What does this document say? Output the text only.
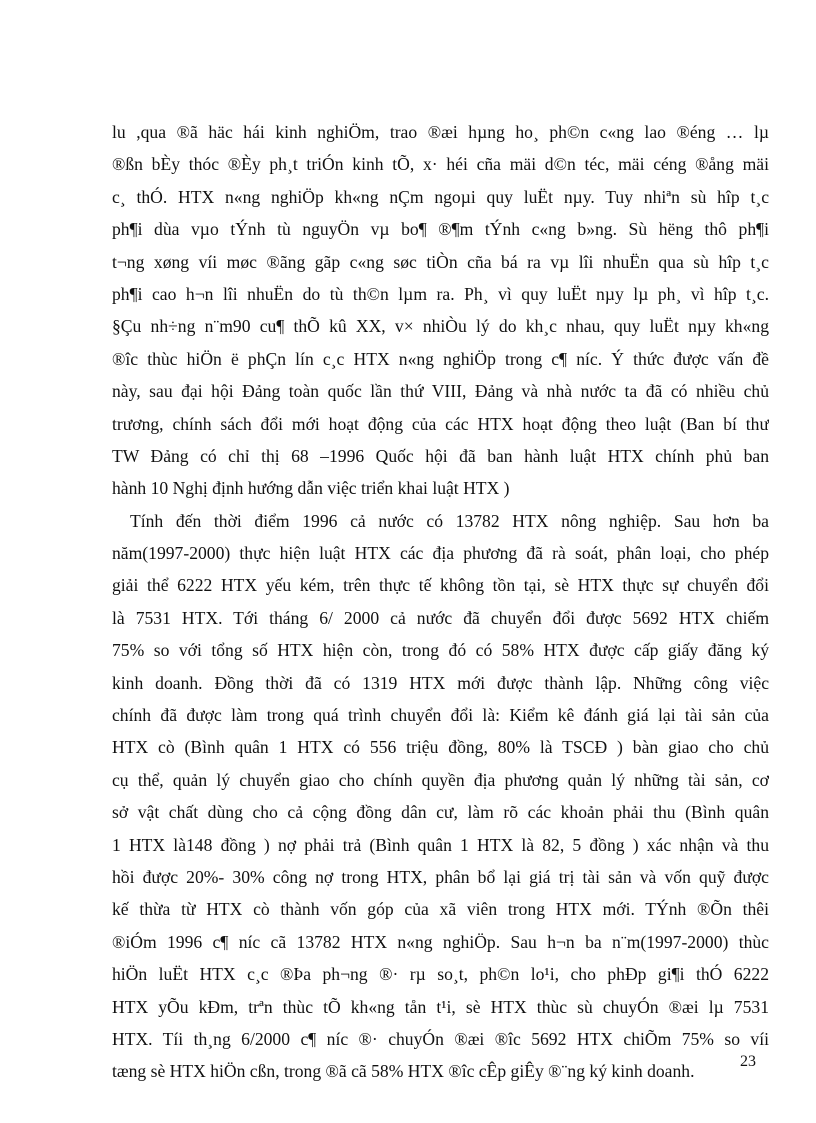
lu ,qua ®ã häc hái kinh nghiÖm, trao ®æi hµng ho¸ ph©n c«ng lao ®éng … lµ
®ßn bÈy thóc ®Èy ph¸t triÓn kinh tÕ, x· héi cña mäi d©n téc, mäi céng ®ång mäi
c¸ thÓ. HTX n«ng nghiÖp kh«ng nÇm ngoµi quy luËt nµy. Tuy nhiªn sù hîp t¸c
ph¶i dùa vµo tÝnh tù nguyÖn vµ bo¶ ®¶m tÝnh c«ng b»ng. Sù hëng thô ph¶i
t¬ng xøng víi møc ®ãng gãp c«ng søc tiÒn cña bá ra vµ lîi nhuËn qua sù hîp t¸c
ph¶i cao h¬n lîi nhuËn do tù th©n lµm ra. Ph¸ vì quy luËt nµy lµ ph¸ vì hîp t¸c.
§Çu nh÷ng n¨m90 cu¶ thÕ kû XX, v× nhiÒu lý do kh¸c nhau, quy luËt nµy kh«ng
®îc thùc hiÖn ë phÇn lín c¸c HTX n«ng nghiÖp trong c¶ níc. Ý thức được vấn đề
này, sau đại hội Đảng toàn quốc lần thứ VIII, Đảng và nhà nước ta đã có nhiều chủ
trương, chính sách đổi mới hoạt động của các HTX hoạt động theo luật (Ban bí thư
TW Đảng có chỉ thị 68 –1996 Quốc hội đã ban hành luật HTX chính phủ ban
hành 10 Nghị định hướng dẫn việc triển khai luật HTX )
Tính đến thời điểm 1996 cả nước có 13782 HTX nông nghiệp. Sau hơn ba
năm(1997-2000) thực hiện luật HTX các địa phương đã rà soát, phân loại, cho phép
giải thể 6222 HTX yếu kém, trên thực tế không tồn tại, sè HTX thực sự chuyển đổi
là 7531 HTX. Tới tháng 6/ 2000 cả nước đã chuyển đổi được 5692 HTX chiếm
75% so với tổng số HTX hiện còn, trong đó có 58% HTX được cấp giấy đăng ký
kinh doanh. Đồng thời đã có 1319 HTX mới được thành lập. Những công việc
chính đã được làm trong quá trình chuyển đổi là: Kiểm kê đánh giá lại tài sản của
HTX cò (Bình quân 1 HTX có 556 triệu đồng, 80% là TSCĐ ) bàn giao cho chủ
cụ thể, quản lý chuyển giao cho chính quyền địa phương quản lý những tài sản, cơ
sở vật chất dùng cho cả cộng đồng dân cư, làm rõ các khoản phải thu (Bình quân
1 HTX là148 đồng ) nợ phải trả (Bình quân 1 HTX là 82, 5 đồng ) xác nhận và thu
hồi được 20%- 30% công nợ trong HTX, phân bổ lại giá trị tài sản và vốn quỹ được
kế thừa từ HTX cò thành vốn góp của xã viên trong HTX mới. TÝnh ®Õn thêi
®iÓm 1996 c¶ níc cã 13782 HTX n«ng nghiÖp. Sau h¬n ba n¨m(1997-2000) thùc
hiÖn luËt HTX c¸c ®Þa ph¬ng ®· rµ so¸t, ph©n lo¹i, cho phÐp gi¶i thÓ 6222
HTX yÕu kÐm, trªn thùc tÕ kh«ng tån t¹i, sè HTX thùc sù chuyÓn ®æi lµ 7531
HTX. Tíi th¸ng 6/2000 c¶ níc ®· chuyÓn ®æi ®îc 5692 HTX chiÕm 75% so víi
tæng sè HTX hiÖn cßn, trong ®ã cã 58% HTX ®îc cÊp giÊy ®¨ng ký kinh doanh.	23
